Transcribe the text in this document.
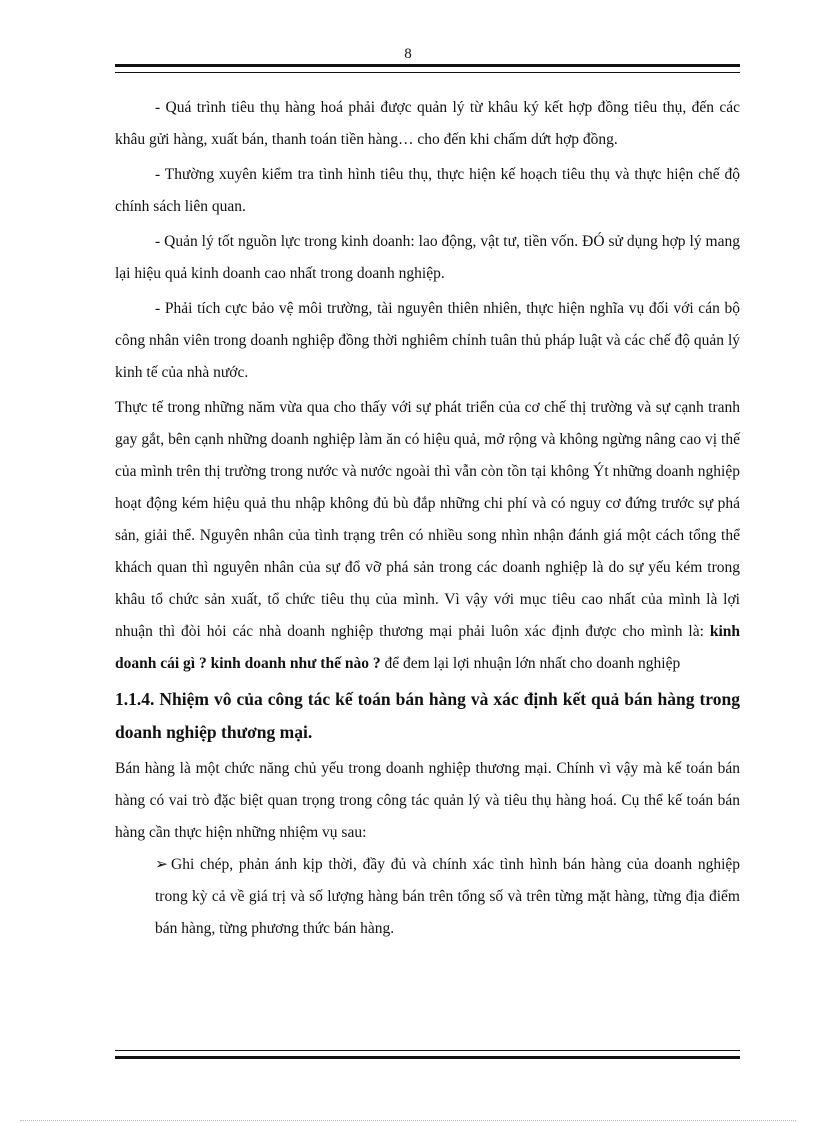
8

- Quá trình tiêu thụ hàng hoá phải được quản lý từ khâu ký kết hợp đồng tiêu thụ, đến các khâu gửi hàng, xuất bán, thanh toán tiền hàng… cho đến khi chấm dứt hợp đồng.

- Thường xuyên kiểm tra tình hình tiêu thụ, thực hiện kế hoạch tiêu thụ và thực hiện chế độ chính sách liên quan.

- Quản lý tốt nguồn lực trong kinh doanh: lao động, vật tư, tiền vốn. ĐÓ sử dụng hợp lý mang lại hiệu quả kinh doanh cao nhất trong doanh nghiệp.

- Phải tích cực bảo vệ môi trường, tài nguyên thiên nhiên, thực hiện nghĩa vụ đối với cán bộ công nhân viên trong doanh nghiệp đồng thời nghiêm chỉnh tuân thủ pháp luật và các chế độ quản lý kinh tế của nhà nước.

Thực tế trong những năm vừa qua cho thấy với sự phát triển của cơ chế thị trường và sự cạnh tranh gay gắt, bên cạnh những doanh nghiệp làm ăn có hiệu quả, mở rộng và không ngừng nâng cao vị thế của mình trên thị trường trong nước và nước ngoài thì vẫn còn tồn tại không Ýt những doanh nghiệp hoạt động kém hiệu quả thu nhập không đủ bù đắp những chi phí và có nguy cơ đứng trước sự phá sản, giải thể. Nguyên nhân của tình trạng trên có nhiều song nhìn nhận đánh giá một cách tổng thể khách quan thì nguyên nhân của sự đổ vỡ phá sản trong các doanh nghiệp là do sự yếu kém trong khâu tổ chức sản xuất, tổ chức tiêu thụ của mình. Vì vậy với mục tiêu cao nhất của mình là lợi nhuận thì đòi hỏi các nhà doanh nghiệp thương mại phải luôn xác định được cho mình là: kinh doanh cái gì ? kinh doanh như thế nào ? để đem lại lợi nhuận lớn nhất cho doanh nghiệp

1.1.4. Nhiệm vô của công tác kế toán bán hàng và xác định kết quả bán hàng trong doanh nghiệp thương mại.

Bán hàng là một chức năng chủ yếu trong doanh nghiệp thương mại. Chính vì vậy mà kế toán bán hàng có vai trò đặc biệt quan trọng trong công tác quản lý và tiêu thụ hàng hoá. Cụ thể kế toán bán hàng cần thực hiện những nhiệm vụ sau:

➢ Ghi chép, phản ánh kịp thời, đầy đủ và chính xác tình hình bán hàng của doanh nghiệp trong kỳ cả về giá trị và số lượng hàng bán trên tổng số và trên từng mặt hàng, từng địa điểm bán hàng, từng phương thức bán hàng.
